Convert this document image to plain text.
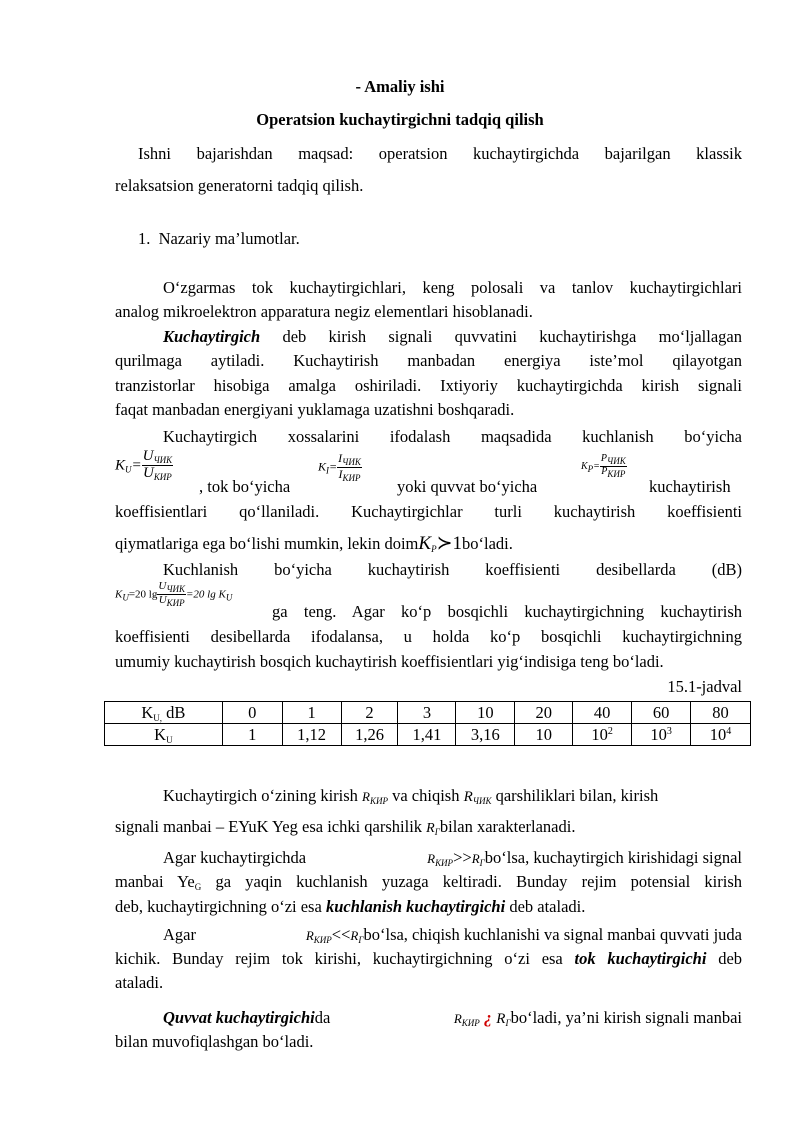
- Amaliy ishi
Operatsion kuchaytirgichni tadqiq qilish
Ishni bajarishdan maqsad: operatsion kuchaytirgichda bajarilgan klassik
relaksatsion generatorni tadqiq qilish.
1. Nazariy ma’lumotlar.
O‘zgarmas tok kuchaytirgichlari, keng polosali va tanlov kuchaytirgichlari
analog mikroelektron apparatura negiz elementlari hisoblanadi.
Kuchaytirgich deb kirish signali quvvatini kuchaytirishga mo‘ljallagan
qurilmaga aytiladi. Kuchaytirish manbadan energiya iste’mol qilayotgan
tranzistorlar hisobiga amalga oshiriladi. Ixtiyoriy kuchaytirgichda kirish signali
faqat manbadan energiyani yuklamaga uzatishni boshqaradi.
Kuchaytirgich xossalarini ifodalash maqsadida kuchlanish bo‘yicha
$K_U= \frac{U_{ЧИК}}{U_{КИР}}$
, tok bo‘yicha
$K_I= \frac{I_{ЧИК}}{I_{КИР}}$
yoki quvvat bo‘yicha
$KP= \frac{\text{PЧИК}}{\text{PКИР}}$
kuchaytirish
koeffisientlari qo‘llaniladi. Kuchaytirgichlar turli kuchaytirish koeffisienti
qiymatlariga ega bo‘lishi mumkin, lekin doimK$_P$≻1bo‘ladi.
Kuchlanish bo‘yicha kuchaytirish koeffisienti desibellarda (dB)
$K_U=20$ $\lg \frac{U_{ЧИК}}{U_{КИР}} =20$ $\lg K_U$
ga teng. Agar ko‘p bosqichli kuchaytirgichning kuchaytirish
koeffisienti desibellarda ifodalansa, u holda ko‘p bosqichli kuchaytirgichning
umumiy kuchaytirish bosqich kuchaytirish koeffisientlari yig‘indisiga teng bo‘ladi.
15.1-jadval
$K_{U,}$ dB	0	1	2	3	10	20	40	60	80
$K_U$	1	1,12	1,26	1,41	3,16	10	$10^2$	$10^3$	$10^4$
Kuchaytirgich o‘zining kirish $R_{КИР}$ va chiqish $R_{ЧИК}$ qarshiliklari bilan, kirish
signali manbai – EYuK Yeg esa ichki qarshilik $R_Гbilan$ xarakterlanadi.
Agar kuchaytirgichda	$R_{КИР}>>R_Гbo‘lsa$, kuchaytirgich kirishidagi signal
manbai $Ye_G$ ga yaqin kuchlanish yuzaga keltiradi. Bunday rejim potensial kirish
deb, kuchaytirgichning o‘zi esa kuchlanish kuchaytirgichi deb ataladi.
Agar	$R_{КИР}<<R_Гbo‘lsa$, chiqish kuchlanishi va signal manbai quvvati juda
kichik. Bunday rejim tok kirishi, kuchaytirgichning o‘zi esa tok kuchaytirgichi deb
ataladi.
Quvvat kuchaytirgichida	$R_{КИР}$ ¿ $R_Гbo‘ladi$, ya’ni kirish signali manbai
bilan muvofiqlashgan bo‘ladi.
